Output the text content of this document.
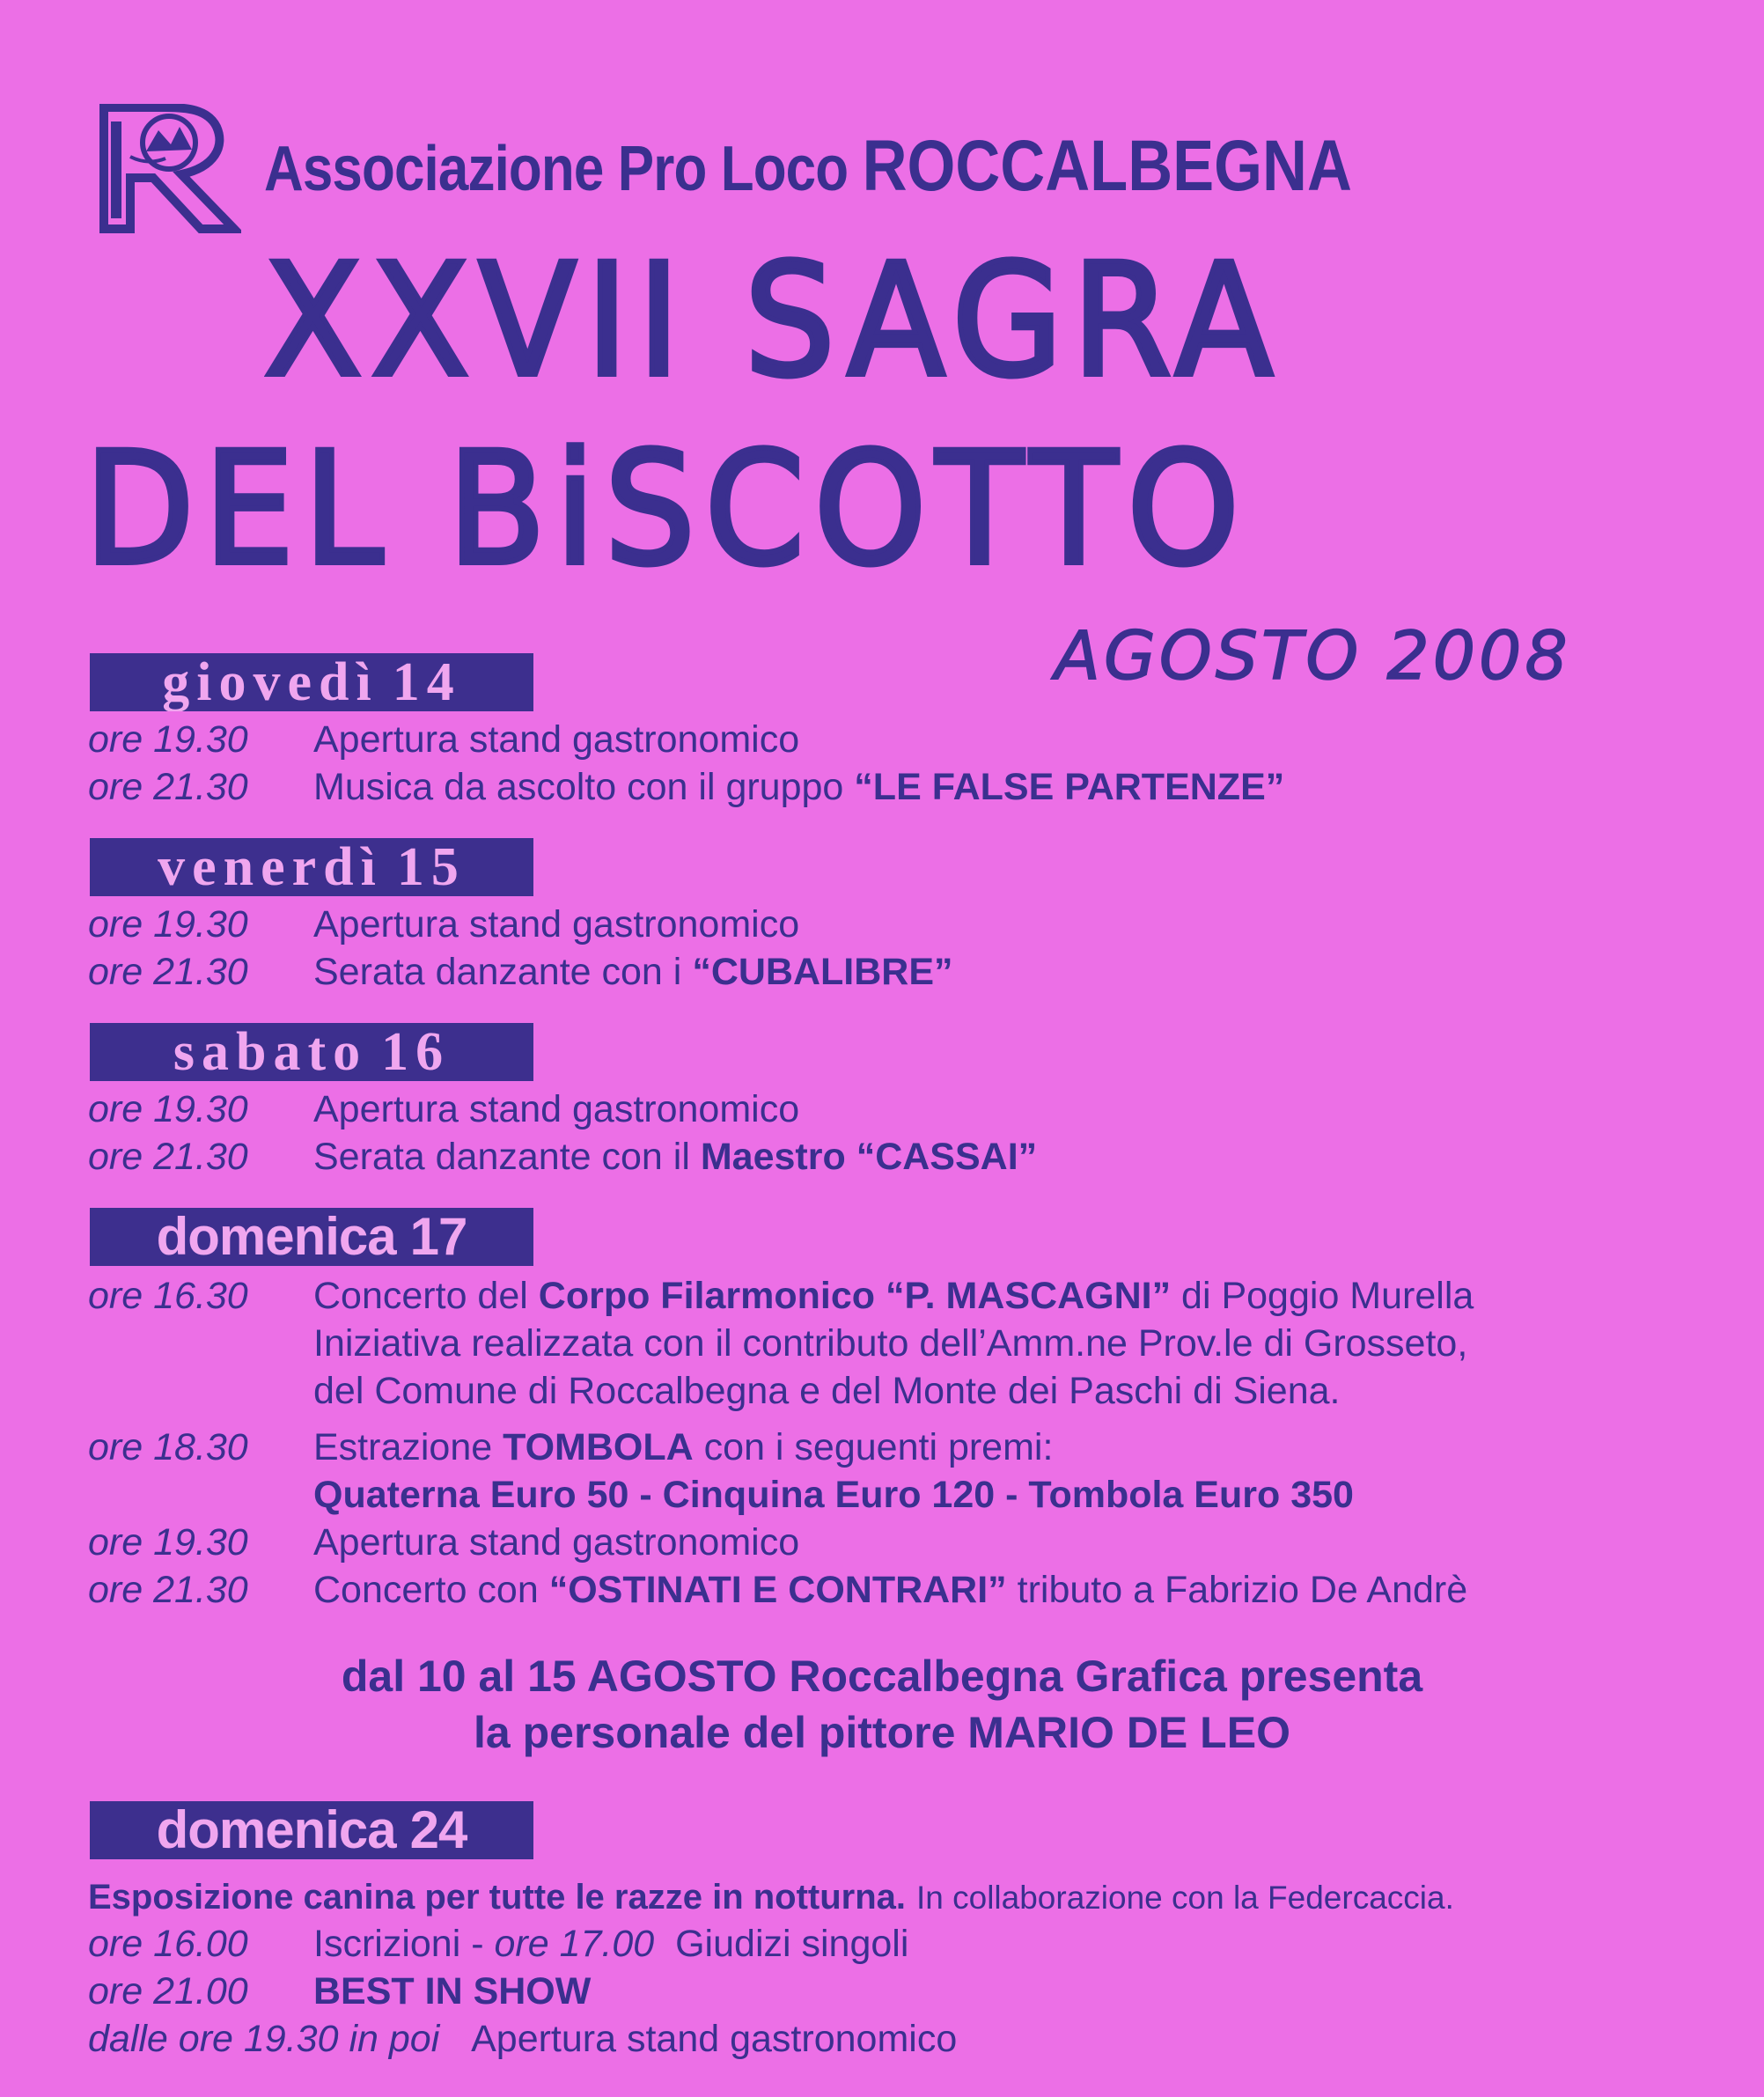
Associazione Pro Loco ROCCALBEGNA
XXVII SAGRA
DEL BiSCOTTO
AGOSTO 2008
giovedì 14
ore 19.30 Apertura stand gastronomico
ore 21.30 Musica da ascolto con il gruppo “LE FALSE PARTENZE”
venerdì 15
ore 19.30 Apertura stand gastronomico
ore 21.30 Serata danzante con i “CUBALIBRE”
sabato 16
ore 19.30 Apertura stand gastronomico
ore 21.30 Serata danzante con il Maestro “CASSAI”
domenica 17
ore 16.30 Concerto del Corpo Filarmonico “P. MASCAGNI” di Poggio Murella
Iniziativa realizzata con il contributo dell’Amm.ne Prov.le di Grosseto,
del Comune di Roccalbegna e del Monte dei Paschi di Siena.
ore 18.30 Estrazione TOMBOLA con i seguenti premi:
Quaterna Euro 50 - Cinquina Euro 120 - Tombola Euro 350
ore 19.30 Apertura stand gastronomico
ore 21.30 Concerto con “OSTINATI E CONTRARI” tributo a Fabrizio De Andrè
dal 10 al 15 AGOSTO Roccalbegna Grafica presenta
la personale del pittore MARIO DE LEO
domenica 24
Esposizione canina per tutte le razze in notturna. In collaborazione con la Federcaccia.
ore 16.00 Iscrizioni - ore 17.00 Giudizi singoli
ore 21.00 BEST IN SHOW
dalle ore 19.30 in poi Apertura stand gastronomico
